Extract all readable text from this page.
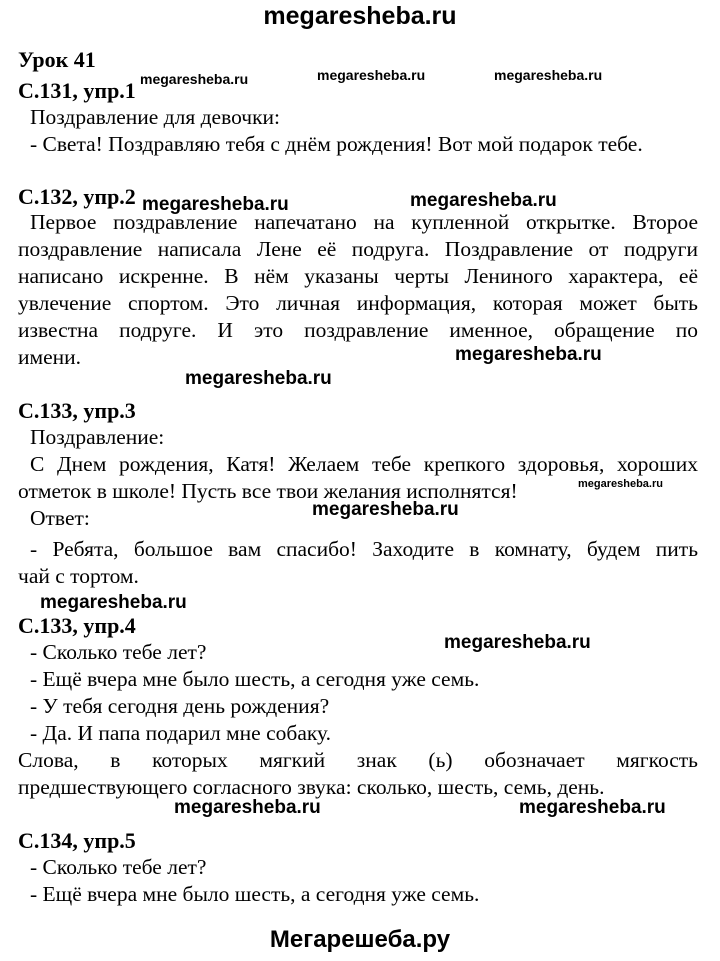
megaresheba.ru
Мегарешеба.ру
Урок 41
С.131, упр.1
Поздравление для девочки:
- Света! Поздравляю тебя с днём рождения! Вот мой подарок тебе.
С.132, упр.2
Первое поздравление напечатано на купленной открытке. Второе
поздравление написала Лене её подруга. Поздравление от подруги
написано искренне. В нём указаны черты Лениного характера, её
увлечение спортом. Это личная информация, которая может быть
известна подруге. И это поздравление именное, обращение по
имени.
С.133, упр.3
Поздравление:
С Днем рождения, Катя! Желаем тебе крепкого здоровья, хороших
отметок в школе! Пусть все твои желания исполнятся!
Ответ:
- Ребята, большое вам спасибо! Заходите в комнату, будем пить
чай с тортом.
С.133, упр.4
- Сколько тебе лет?
- Ещё вчера мне было шесть, а сегодня уже семь.
- У тебя сегодня день рождения?
- Да. И папа подарил мне собаку.
Слова, в которых мягкий знак (ь) обозначает мягкость
предшествующего согласного звука: сколько, шесть, семь, день.
С.134, упр.5
- Сколько тебе лет?
- Ещё вчера мне было шесть, а сегодня уже семь.
megaresheba.ru	megaresheba.ru	megaresheba.ru
megaresheba.ru	megaresheba.ru
megaresheba.ru
megaresheba.ru
megaresheba.ru
megaresheba.ru
megaresheba.ru
megaresheba.ru
megaresheba.ru	megaresheba.ru
